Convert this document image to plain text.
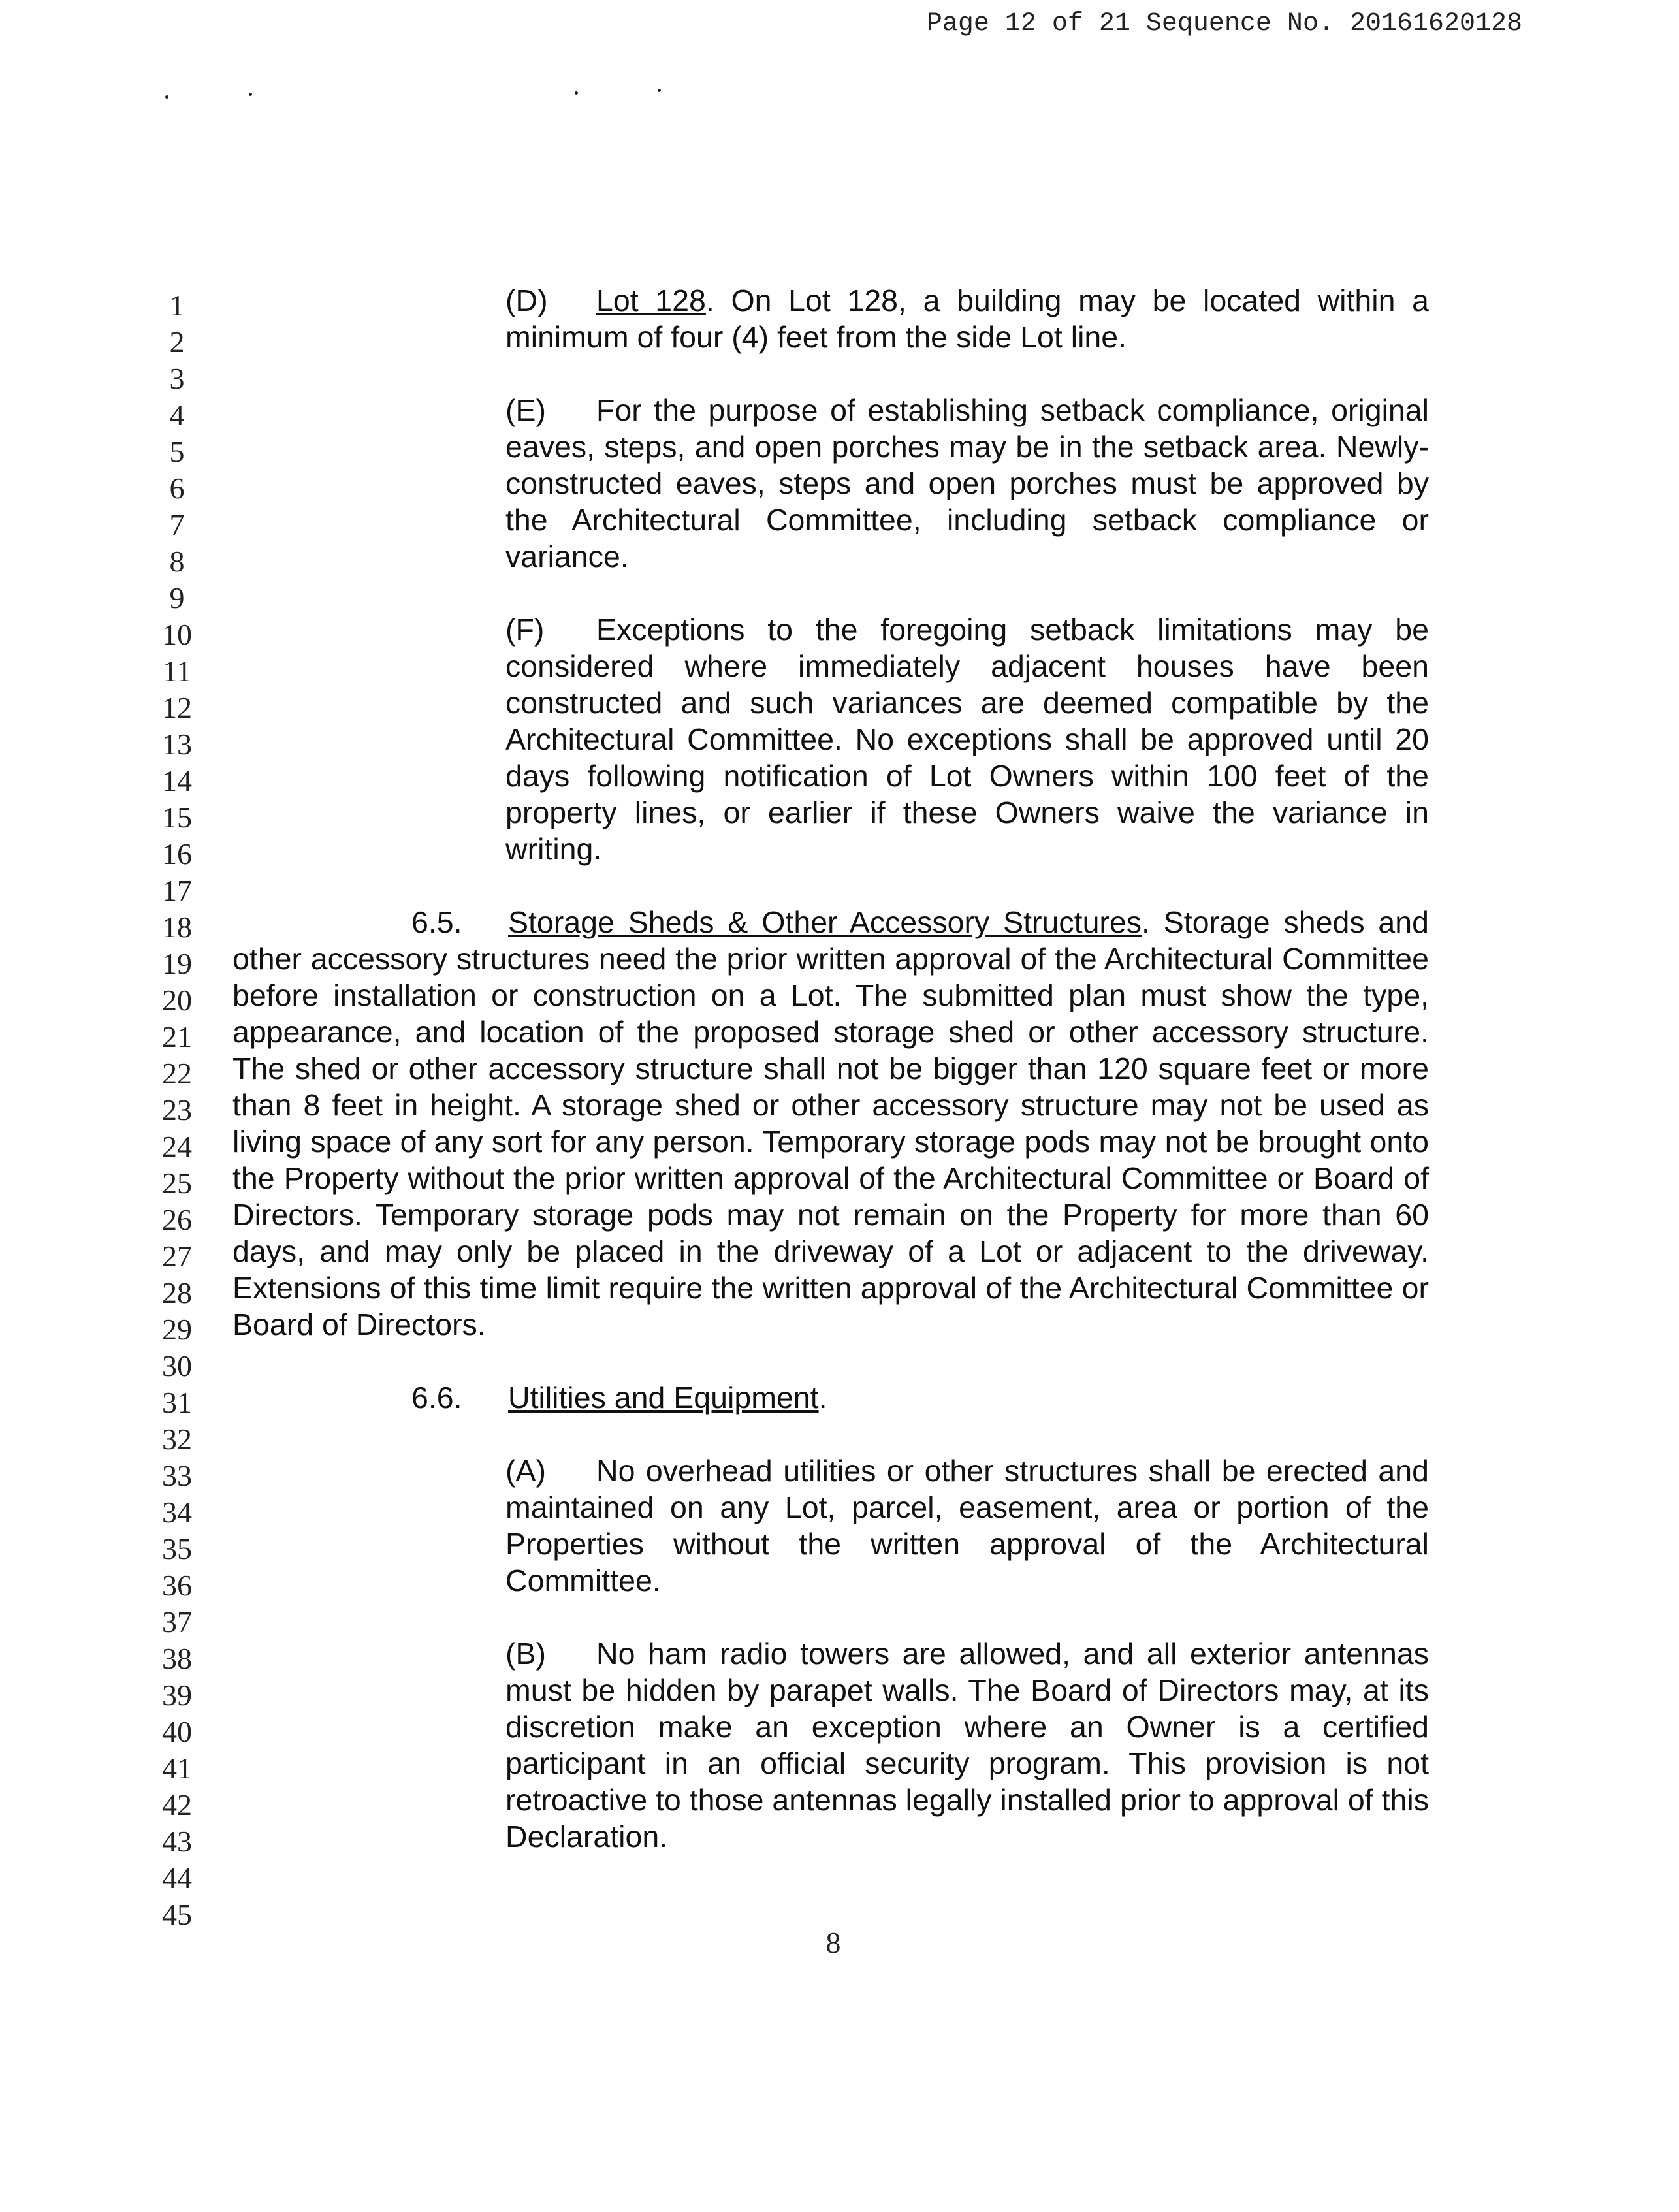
Page 12 of 21 Sequence No. 20161620128
1
2
3
4
5
6
7
8
9
10
11
12
13
14
15
16
17
18
19
20
21
22
23
24
25
26
27
28
29
30
31
32
33
34
35
36
37
38
39
40
41
42
43
44
45
(D) Lot 128. On Lot 128, a building may be located within a minimum of four (4) feet from the side Lot line.
(E) For the purpose of establishing setback compliance, original eaves, steps, and open porches may be in the setback area. Newly-constructed eaves, steps and open porches must be approved by the Architectural Committee, including setback compliance or variance.
(F) Exceptions to the foregoing setback limitations may be considered where immediately adjacent houses have been constructed and such variances are deemed compatible by the Architectural Committee. No exceptions shall be approved until 20 days following notification of Lot Owners within 100 feet of the property lines, or earlier if these Owners waive the variance in writing.
6.5. Storage Sheds & Other Accessory Structures. Storage sheds and other accessory structures need the prior written approval of the Architectural Committee before installation or construction on a Lot. The submitted plan must show the type, appearance, and location of the proposed storage shed or other accessory structure. The shed or other accessory structure shall not be bigger than 120 square feet or more than 8 feet in height. A storage shed or other accessory structure may not be used as living space of any sort for any person. Temporary storage pods may not be brought onto the Property without the prior written approval of the Architectural Committee or Board of Directors. Temporary storage pods may not remain on the Property for more than 60 days, and may only be placed in the driveway of a Lot or adjacent to the driveway. Extensions of this time limit require the written approval of the Architectural Committee or Board of Directors.
6.6. Utilities and Equipment.
(A) No overhead utilities or other structures shall be erected and maintained on any Lot, parcel, easement, area or portion of the Properties without the written approval of the Architectural Committee.
(B) No ham radio towers are allowed, and all exterior antennas must be hidden by parapet walls. The Board of Directors may, at its discretion make an exception where an Owner is a certified participant in an official security program. This provision is not retroactive to those antennas legally installed prior to approval of this Declaration.
8
